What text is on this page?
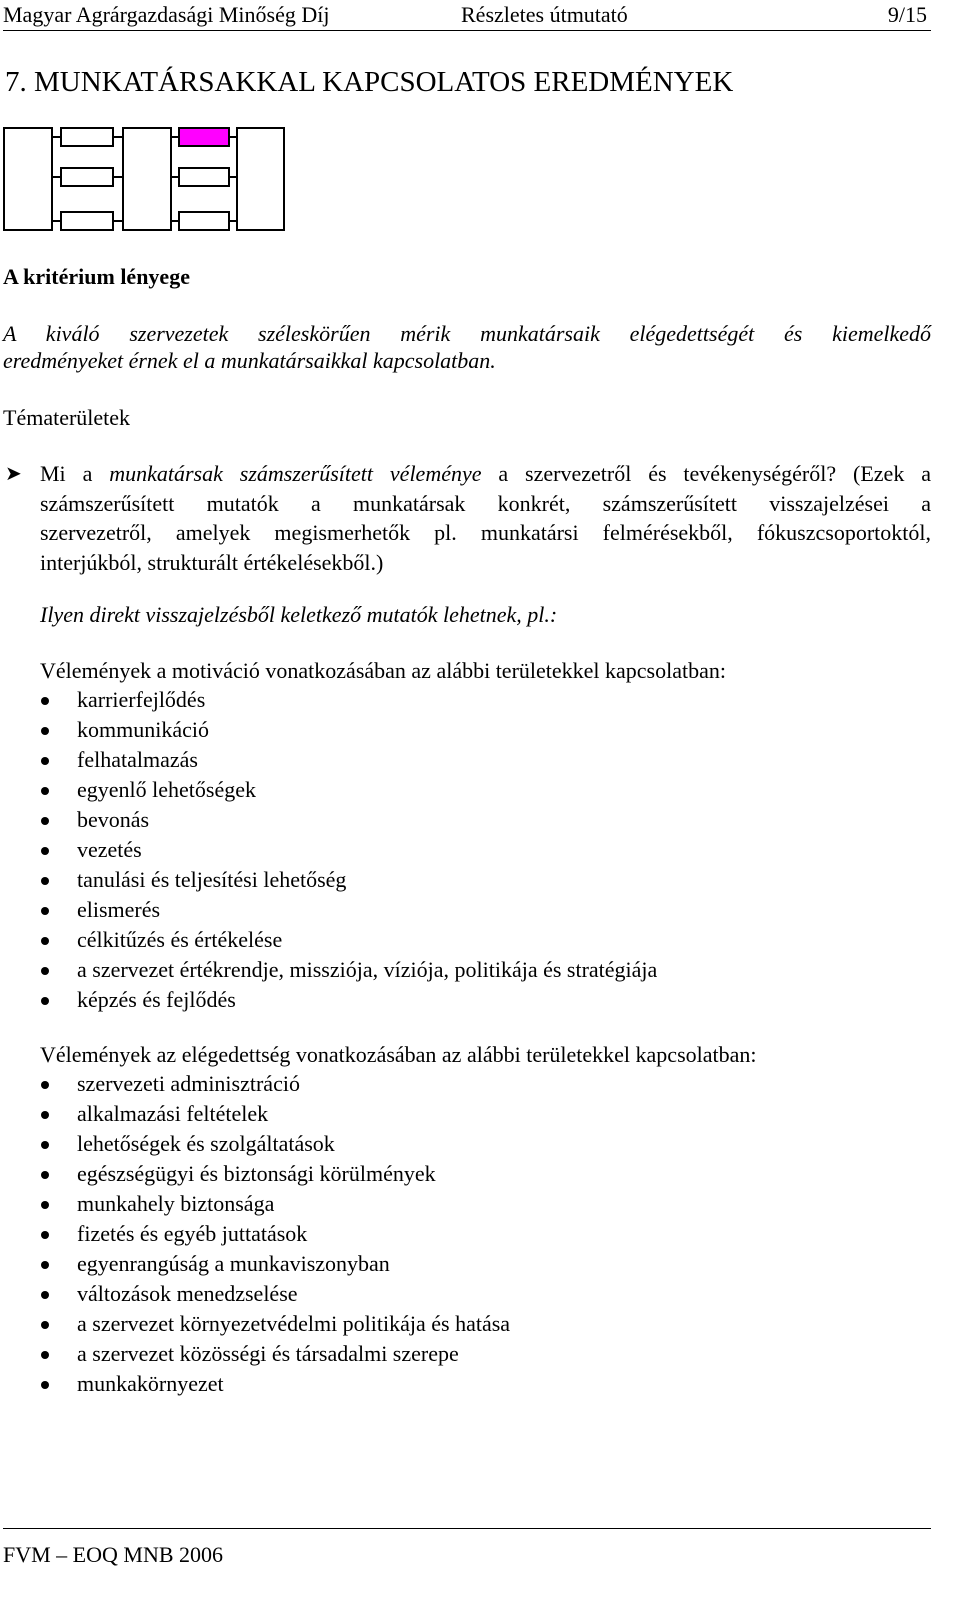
Magyar Agrárgazdasági Minőség Díj	Részletes útmutató	9/15
7. MUNKATÁRSAKKAL KAPCSOLATOS EREDMÉNYEK
A kritérium lényege
A kiváló szervezetek széleskörűen mérik munkatársaik elégedettségét és kiemelkedő
eredményeket érnek el a munkatársaikkal kapcsolatban.
Tématerületek
➤ Mi a munkatársak számszerűsített véleménye a szervezetről és tevékenységéről? (Ezek a
számszerűsített mutatók a munkatársak konkrét, számszerűsített visszajelzései a
szervezetről, amelyek megismerhetők pl. munkatársi felmérésekből, fókuszcsoportoktól,
interjúkból, strukturált értékelésekből.)
Ilyen direkt visszajelzésből keletkező mutatók lehetnek, pl.:
Vélemények a motiváció vonatkozásában az alábbi területekkel kapcsolatban:
karrierfejlődés
kommunikáció
felhatalmazás
egyenlő lehetőségek
bevonás
vezetés
tanulási és teljesítési lehetőség
elismerés
célkitűzés és értékelése
a szervezet értékrendje, missziója, víziója, politikája és stratégiája
képzés és fejlődés
Vélemények az elégedettség vonatkozásában az alábbi területekkel kapcsolatban:
szervezeti adminisztráció
alkalmazási feltételek
lehetőségek és szolgáltatások
egészségügyi és biztonsági körülmények
munkahely biztonsága
fizetés és egyéb juttatások
egyenrangúság a munkaviszonyban
változások menedzselése
a szervezet környezetvédelmi politikája és hatása
a szervezet közösségi és társadalmi szerepe
munkakörnyezet
FVM – EOQ MNB 2006
